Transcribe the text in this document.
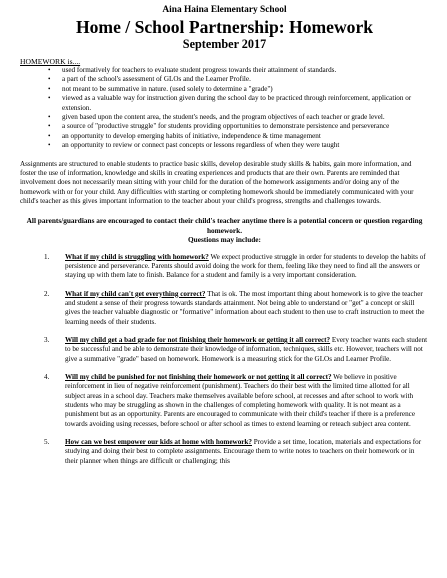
Aina Haina Elementary School
Home / School Partnership: Homework
September 2017
HOMEWORK is....
• used formatively for teachers to evaluate student progress towards their attainment of standards.
• a part of the school's assessment of GLOs and the Learner Profile.
• not meant to be summative in nature. (used solely to determine a "grade")
• viewed as a valuable way for instruction given during the school day to be practiced through reinforcement, application or extension.
• given based upon the content area, the student's needs, and the program objectives of each teacher or grade level.
• a source of "productive struggle" for students providing opportunities to demonstrate persistence and perseverance
• an opportunity to develop emerging habits of initiative, independence & time management
• an opportunity to review or connect past concepts or lessons regardless of when they were taught
Assignments are structured to enable students to practice basic skills, develop desirable study skills & habits, gain more information, and foster the use of information, knowledge and skills in creating experiences and products that are their own. Parents are reminded that involvement does not necessarily mean sitting with your child for the duration of the homework assignments and/or doing any of the homework with or for your child. Any difficulties with starting or completing homework should be immediately communicated with your child's teacher as this gives important information to the teacher about your child's progress, strengths and challenges towards.
All parents/guardians are encouraged to contact their child's teacher anytime there is a potential concern or question regarding homework.
Questions may include:
1. What if my child is struggling with homework? We expect productive struggle in order for students to develop the habits of persistence and perseverance. Parents should avoid doing the work for them, feeling like they need to find all the answers or staying up with them late to finish. Balance for a student and family is a very important consideration.
2. What if my child can't get everything correct? That is ok. The most important thing about homework is to give the teacher and student a sense of their progress towards standards attainment. Not being able to understand or "get" a concept or skill gives the teacher valuable diagnostic or "formative" information about each student to then use to craft instruction to meet the learning needs of their students.
3. Will my child get a bad grade for not finishing their homework or getting it all correct? Every teacher wants each student to be successful and be able to demonstrate their knowledge of information, techniques, skills etc. However, teachers will not give a summative "grade" based on homework. Homework is a measuring stick for the GLOs and Learner Profile.
4. Will my child be punished for not finishing their homework or not getting it all correct? We believe in positive reinforcement in lieu of negative reinforcement (punishment). Teachers do their best with the limited time allotted for all subject areas in a school day. Teachers make themselves available before school, at recesses and after school to work with students who may be struggling as shown in the challenges of completing homework with quality. It is not meant as a punishment but as an opportunity. Parents are encouraged to communicate with their child's teacher if there is a preference towards avoiding using recesses, before school or after school as times to extend learning or reteach subject area content.
5. How can we best empower our kids at home with homework? Provide a set time, location, materials and expectations for studying and doing their best to complete assignments. Encourage them to write notes to teachers on their homework or in their planner when things are difficult or challenging; this
